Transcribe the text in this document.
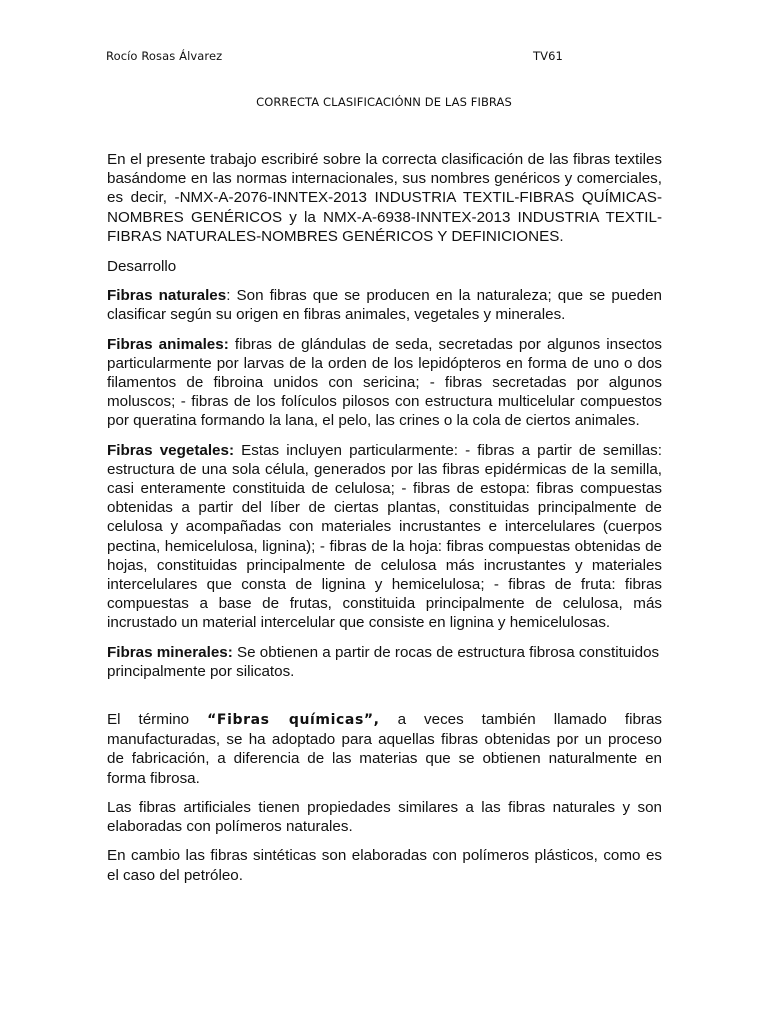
Rocío Rosas Álvarez	TV61
CORRECTA CLASIFICACIÓNN DE LAS FIBRAS

En el presente trabajo escribiré sobre la correcta clasificación de las fibras textiles basándome en las normas internacionales, sus nombres genéricos y comerciales, es decir, -NMX-A-2076-INNTEX-2013 INDUSTRIA TEXTIL-FIBRAS QUÍMICAS-NOMBRES GENÉRICOS y la NMX-A-6938-INNTEX-2013 INDUSTRIA TEXTIL-FIBRAS NATURALES-NOMBRES GENÉRICOS Y DEFINICIONES.

Desarrollo

Fibras naturales: Son fibras que se producen en la naturaleza; que se pueden clasificar según su origen en fibras animales, vegetales y minerales.

Fibras animales: fibras de glándulas de seda, secretadas por algunos insectos particularmente por larvas de la orden de los lepidópteros en forma de uno o dos filamentos de fibroina unidos con sericina; - fibras secretadas por algunos moluscos; - fibras de los folículos pilosos con estructura multicelular compuestos por queratina formando la lana, el pelo, las crines o la cola de ciertos animales.

Fibras vegetales: Estas incluyen particularmente: - fibras a partir de semillas: estructura de una sola célula, generados por las fibras epidérmicas de la semilla, casi enteramente constituida de celulosa; - fibras de estopa: fibras compuestas obtenidas a partir del líber de ciertas plantas, constituidas principalmente de celulosa y acompañadas con materiales incrustantes e intercelulares (cuerpos pectina, hemicelulosa, lignina); - fibras de la hoja: fibras compuestas obtenidas de hojas, constituidas principalmente de celulosa más incrustantes y materiales intercelulares que consta de lignina y hemicelulosa; - fibras de fruta: fibras compuestas a base de frutas, constituida principalmente de celulosa, más incrustado un material intercelular que consiste en lignina y hemicelulosas.

Fibras minerales: Se obtienen a partir de rocas de estructura fibrosa constituidos principalmente por silicatos.

El término “Fibras químicas”, a veces también llamado fibras manufacturadas, se ha adoptado para aquellas fibras obtenidas por un proceso de fabricación, a diferencia de las materias que se obtienen naturalmente en forma fibrosa.

Las fibras artificiales tienen propiedades similares a las fibras naturales y son elaboradas con polímeros naturales.

En cambio las fibras sintéticas son elaboradas con polímeros plásticos, como es el caso del petróleo.
